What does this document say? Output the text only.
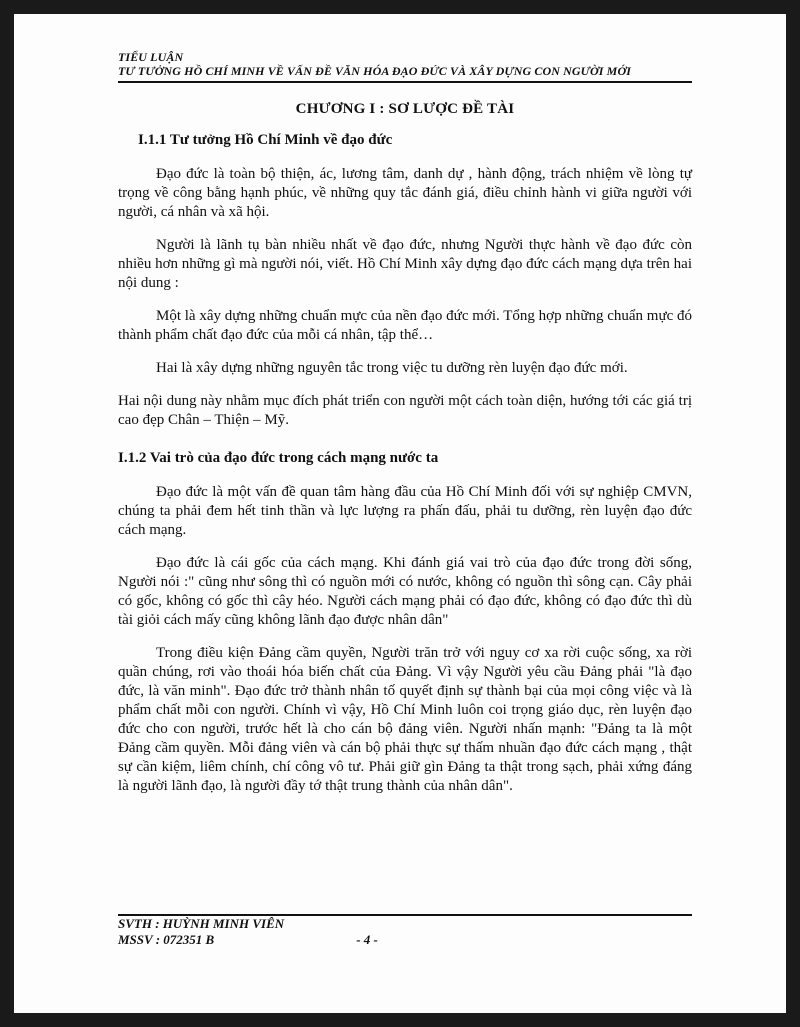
TIỂU LUẬN
TƯ TƯỞNG HỒ CHÍ MINH VỀ VẤN ĐỀ VĂN HÓA ĐẠO ĐỨC VÀ XÂY DỰNG CON NGƯỜI MỚI
CHƯƠNG I : SƠ LƯỢC ĐỀ TÀI
I.1.1 Tư tưởng Hồ Chí Minh về đạo đức

Đạo đức là toàn bộ thiện, ác, lương tâm, danh dự , hành động, trách nhiệm về lòng tự trọng về công bằng hạnh phúc, về những quy tắc đánh giá, điều chỉnh hành vi giữa người với người, cá nhân và xã hội.

Người là lãnh tụ bàn nhiều nhất về đạo đức, nhưng Người thực hành về đạo đức còn nhiều hơn những gì mà người nói, viết. Hồ Chí Minh xây dựng đạo đức cách mạng dựa trên hai nội dung :

Một là xây dựng những chuẩn mực của nền đạo đức mới. Tổng hợp những chuẩn mực đó thành phẩm chất đạo đức của mỗi cá nhân, tập thể…

Hai là xây dựng những nguyên tắc trong việc tu dưỡng rèn luyện đạo đức mới.

Hai nội dung này nhằm mục đích phát triển con người một cách toàn diện, hướng tới các giá trị cao đẹp Chân – Thiện – Mỹ.

I.1.2 Vai trò của đạo đức trong cách mạng nước ta

Đạo đức là một vấn đề quan tâm hàng đầu của Hồ Chí Minh đối với sự nghiệp CMVN, chúng ta phải đem hết tinh thần và lực lượng ra phấn đấu, phải tu dưỡng, rèn luyện đạo đức cách mạng.

Đạo đức là cái gốc của cách mạng. Khi đánh giá vai trò của đạo đức trong đời sống, Người nói :" cũng như sông thì có nguồn mới có nước, không có nguồn thì sông cạn. Cây phải có gốc, không có gốc thì cây héo. Người cách mạng phải có đạo đức, không có đạo đức thì dù tài giỏi cách mấy cũng không lãnh đạo được nhân dân"

Trong điều kiện Đảng cầm quyền, Người trăn trở với nguy cơ xa rời cuộc sống, xa rời quần chúng, rơi vào thoái hóa biến chất của Đảng. Vì vậy Người yêu cầu Đảng phải "là đạo đức, là văn minh". Đạo đức trở thành nhân tố quyết định sự thành bại của mọi công việc và là phẩm chất mỗi con người. Chính vì vậy, Hồ Chí Minh luôn coi trọng giáo dục, rèn luyện đạo đức cho con người, trước hết là cho cán bộ đảng viên. Người nhấn mạnh: "Đảng ta là một Đảng cầm quyền. Mỗi đảng viên và cán bộ phải thực sự thấm nhuần đạo đức cách mạng , thật sự cần kiệm, liêm chính, chí công vô tư. Phải giữ gìn Đảng ta thật trong sạch, phải xứng đáng là người lãnh đạo, là người đầy tớ thật trung thành của nhân dân".

SVTH : HUỲNH MINH VIÊN
MSSV : 072351 B	- 4 -
